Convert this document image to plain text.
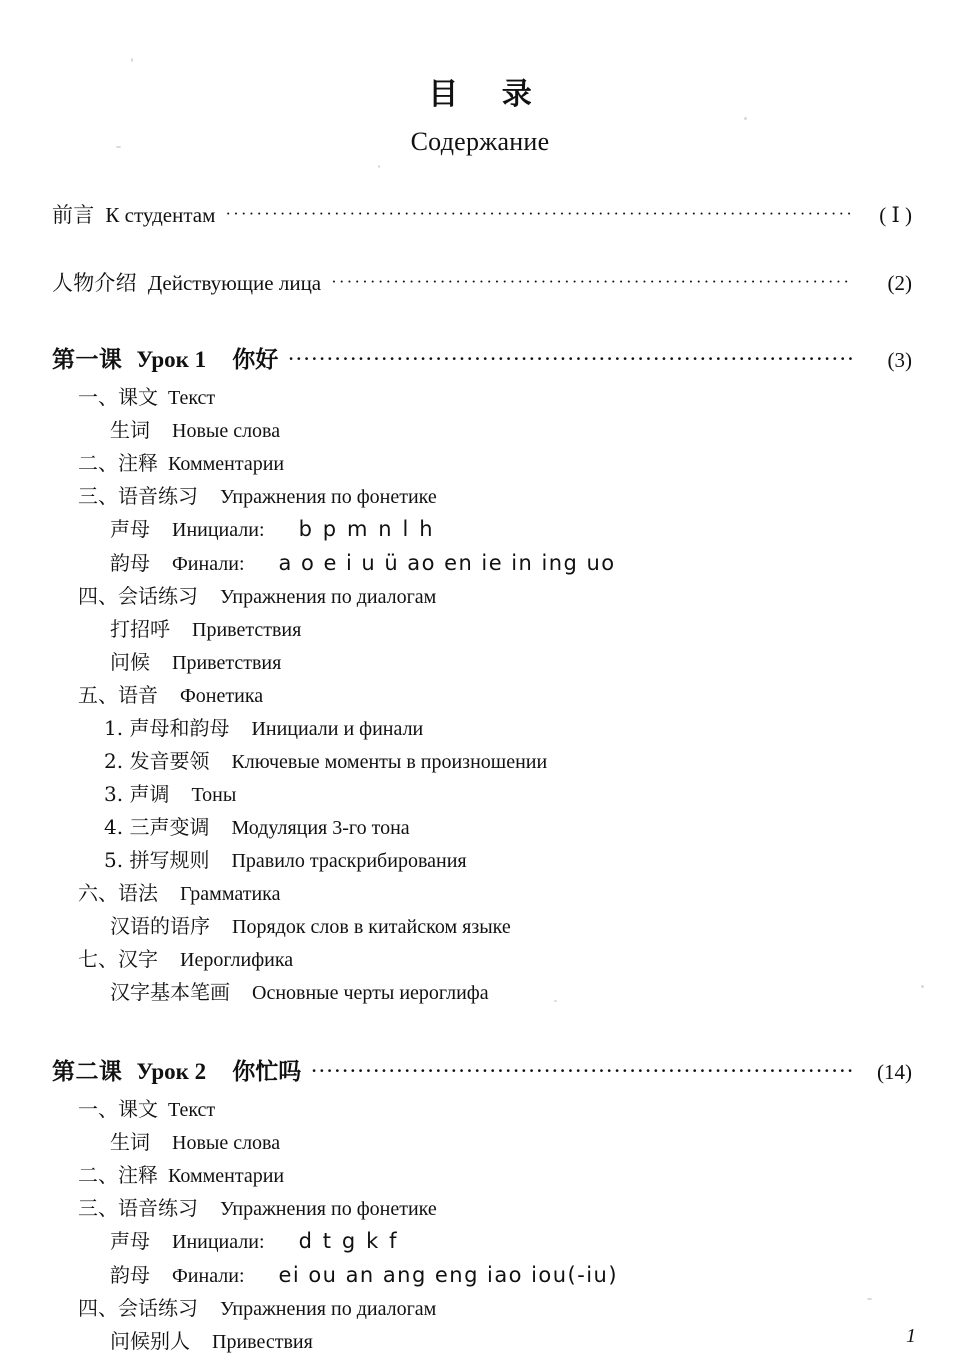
目 录
Содержание
前言 К студентам ·····	( Ⅰ )
人物介绍 Действующие лица ·····	(2)
第一课 Урок 1 你好 ·····	(3)
一、课文 Текст
生词 Новые слова
二、注释 Комментарии
三、语音练习 Упражнения по фонетике
声母 Инициали: b p m n l h
韵母 Финали: a o e i u ü ao en ie in ing uo
四、会话练习 Упражнения по диалогам
打招呼 Приветствия
问候 Приветствия
五、语音 Фонетика
1. 声母和韵母 Инициали и финали
2. 发音要领 Ключевые моменты в произношении
3. 声调 Тоны
4. 三声变调 Модуляция 3-го тона
5. 拼写规则 Правило траскрибирования
六、语法 Грамматика
汉语的语序 Порядок слов в китайском языке
七、汉字 Иероглифика
汉字基本笔画 Основные черты иероглифа
第二课 Урок 2 你忙吗 ·····	(14)
一、课文 Текст
生词 Новые слова
二、注释 Комментарии
三、语音练习 Упражнения по фонетике
声母 Инициали: d t g k f
韵母 Финали: ei ou an ang eng iao iou(-iu)
四、会话练习 Упражнения по диалогам
问候别人 Привествия	1
